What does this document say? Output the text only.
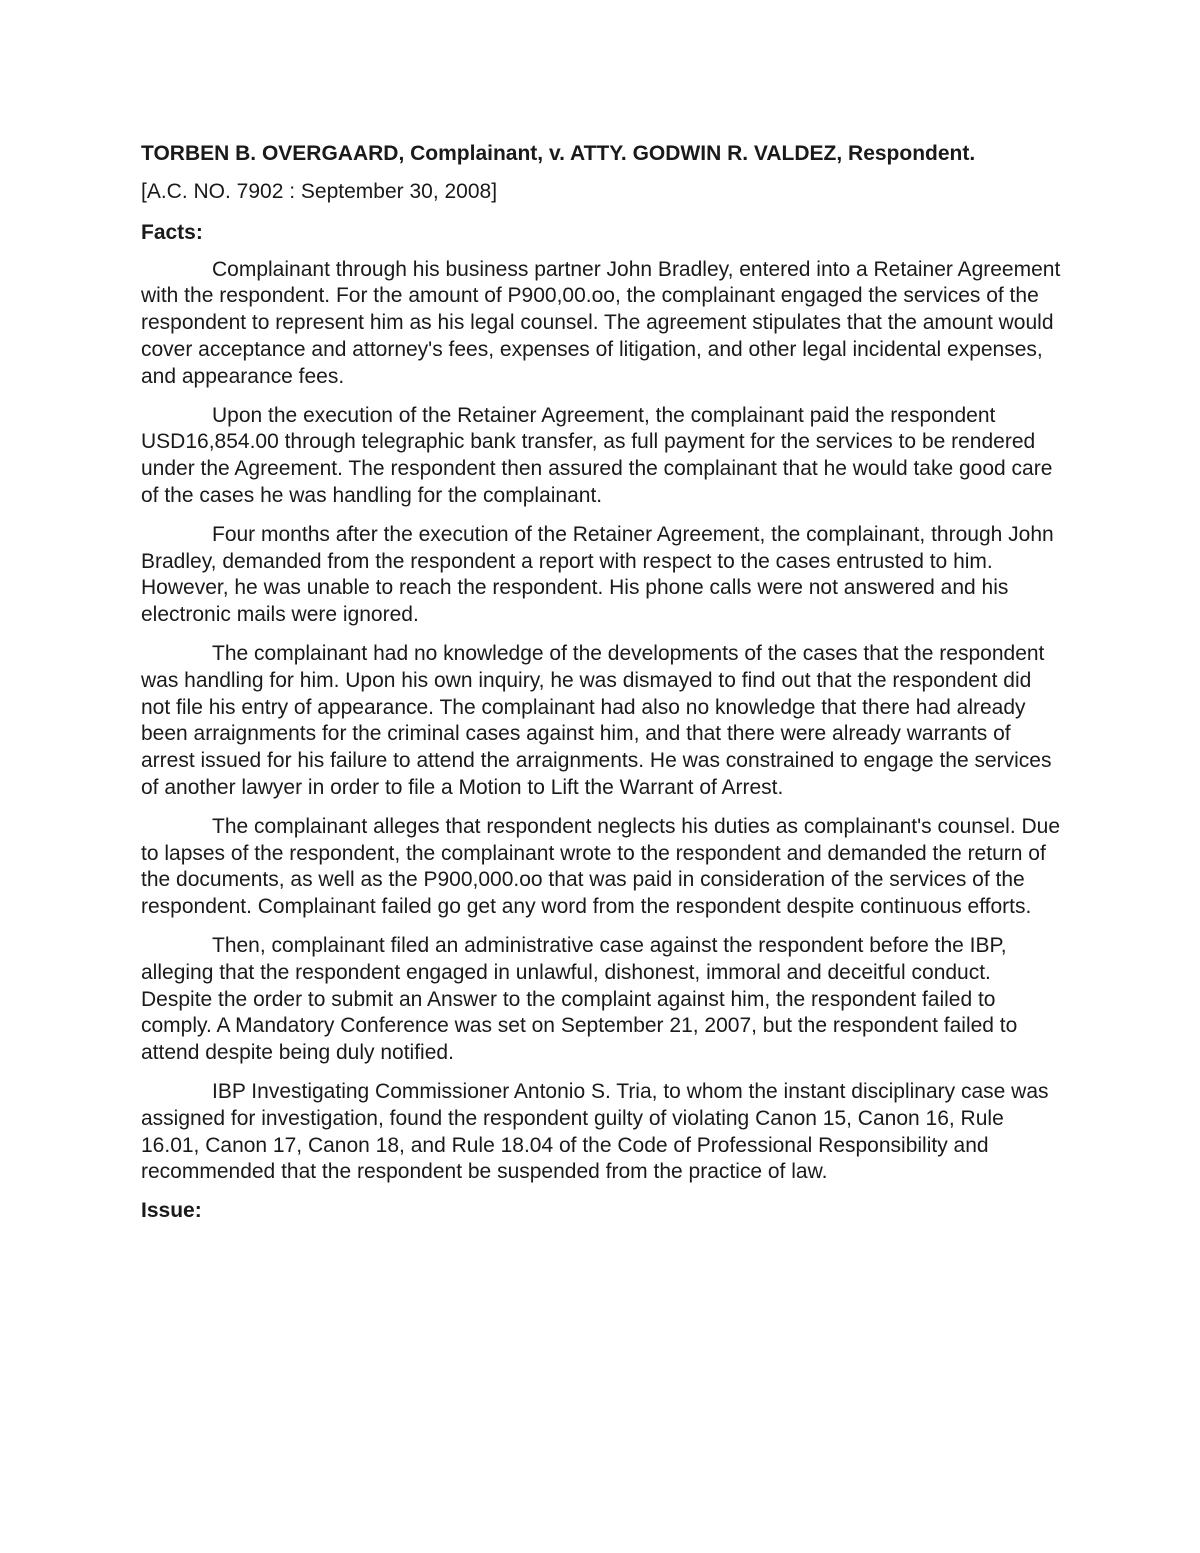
TORBEN B. OVERGAARD, Complainant, v. ATTY. GODWIN R. VALDEZ, Respondent.

[A.C. NO. 7902 : September 30, 2008]

Facts:

Complainant through his business partner John Bradley, entered into a Retainer Agreement with the respondent. For the amount of P900,00.oo, the complainant engaged the services of the respondent to represent him as his legal counsel. The agreement stipulates that the amount would cover acceptance and attorney's fees, expenses of litigation, and other legal incidental expenses, and appearance fees.

Upon the execution of the Retainer Agreement, the complainant paid the respondent USD16,854.00 through telegraphic bank transfer, as full payment for the services to be rendered under the Agreement. The respondent then assured the complainant that he would take good care of the cases he was handling for the complainant.

Four months after the execution of the Retainer Agreement, the complainant, through John Bradley, demanded from the respondent a report with respect to the cases entrusted to him. However, he was unable to reach the respondent. His phone calls were not answered and his electronic mails were ignored.

The complainant had no knowledge of the developments of the cases that the respondent was handling for him. Upon his own inquiry, he was dismayed to find out that the respondent did not file his entry of appearance. The complainant had also no knowledge that there had already been arraignments for the criminal cases against him, and that there were already warrants of arrest issued for his failure to attend the arraignments. He was constrained to engage the services of another lawyer in order to file a Motion to Lift the Warrant of Arrest.

The complainant alleges that respondent neglects his duties as complainant's counsel. Due to lapses of the respondent, the complainant wrote to the respondent and demanded the return of the documents, as well as the P900,000.oo that was paid in consideration of the services of the respondent. Complainant failed go get any word from the respondent despite continuous efforts.

Then, complainant filed an administrative case against the respondent before the IBP, alleging that the respondent engaged in unlawful, dishonest, immoral and deceitful conduct. Despite the order to submit an Answer to the complaint against him, the respondent failed to comply. A Mandatory Conference was set on September 21, 2007, but the respondent failed to attend despite being duly notified.

IBP Investigating Commissioner Antonio S. Tria, to whom the instant disciplinary case was assigned for investigation, found the respondent guilty of violating Canon 15, Canon 16, Rule 16.01, Canon 17, Canon 18, and Rule 18.04 of the Code of Professional Responsibility and recommended that the respondent be suspended from the practice of law.

Issue:
